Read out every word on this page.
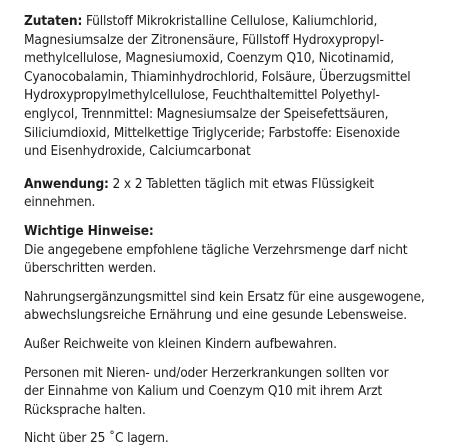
Zutaten: Füllstoff Mikrokristalline Cellulose, Kaliumchlorid,
Magnesiumsalze der Zitronensäure, Füllstoff Hydroxypropyl-
methylcellulose, Magnesiumoxid, Coenzym Q10, Nicotinamid,
Cyanocobalamin, Thiaminhydrochlorid, Folsäure, Überzugsmittel
Hydroxypropylmethylcellulose, Feuchthaltemittel Polyethyl-
englycol, Trennmittel: Magnesiumsalze der Speisefettsäuren,
Siliciumdioxid, Mittelkettige Triglyceride; Farbstoffe: Eisenoxide
und Eisenhydroxide, Calciumcarbonat

Anwendung: 2 x 2 Tabletten täglich mit etwas Flüssigkeit einnehmen.

Wichtige Hinweise:

Die angegebene empfohlene tägliche Verzehrsmenge darf nicht
überschritten werden.

Nahrungsergänzungsmittel sind kein Ersatz für eine ausgewogene,
abwechslungsreiche Ernährung und eine gesunde Lebensweise.

Außer Reichweite von kleinen Kindern aufbewahren.

Personen mit Nieren- und/oder Herzerkrankungen sollten vor
der Einnahme von Kalium und Coenzym Q10 mit ihrem Arzt
Rücksprache halten.

Nicht über 25 ˚C lagern.
